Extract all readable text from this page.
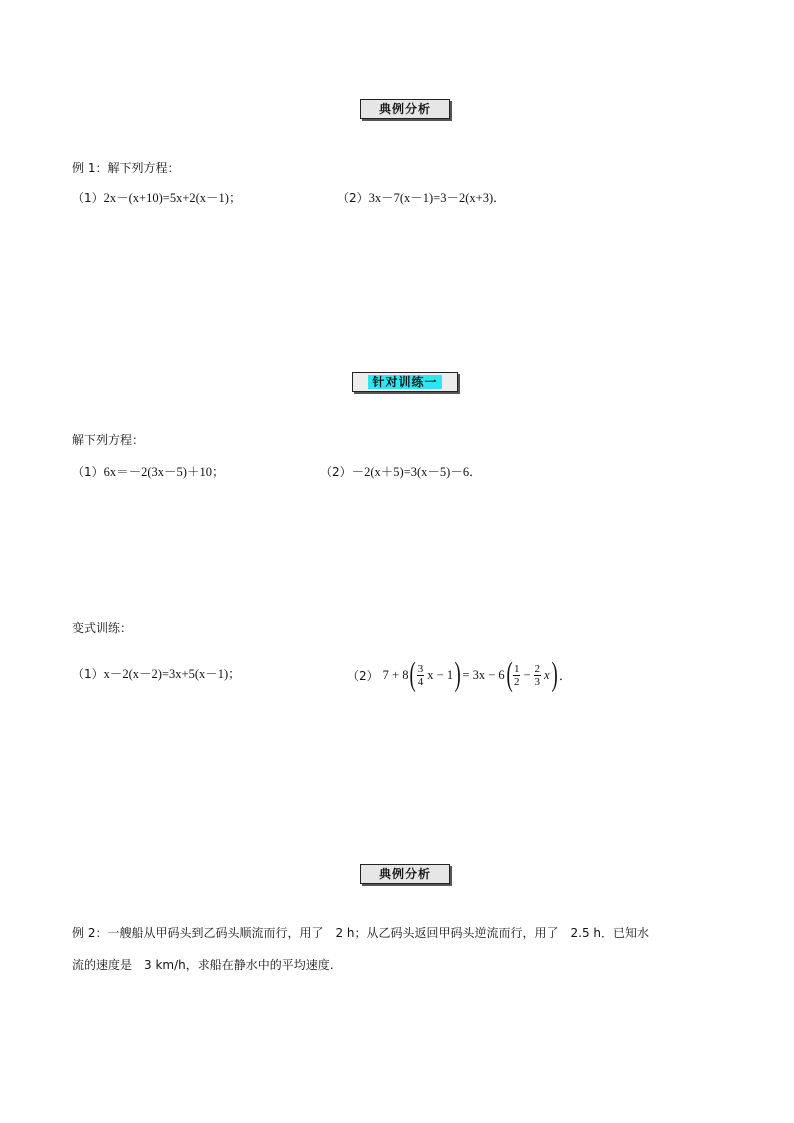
典例分析
例 1：解下列方程：
（1）2x－(x+10)=5x+2(x－1)；	（2）3x－7(x－1)=3－2(x+3)．
针对训练一
解下列方程：
（1）6x＝－2(3x－5)＋10；	（2）－2(x＋5)=3(x－5)－6．
变式训练：
（1）x－2(x－2)=3x+5(x－1)；	（2） 7 + 8 ( $\frac{3}{4}$ x − 1 ) = 3x − 6 ( $\frac{1}{2} - \frac{2}{3}$ x ) ．
典例分析
例 2：一艘船从甲码头到乙码头顺流而行，用了　2 h；从乙码头返回甲码头逆流而行，用了　2.5 h．已知水
流的速度是　3 km/h，求船在静水中的平均速度.
